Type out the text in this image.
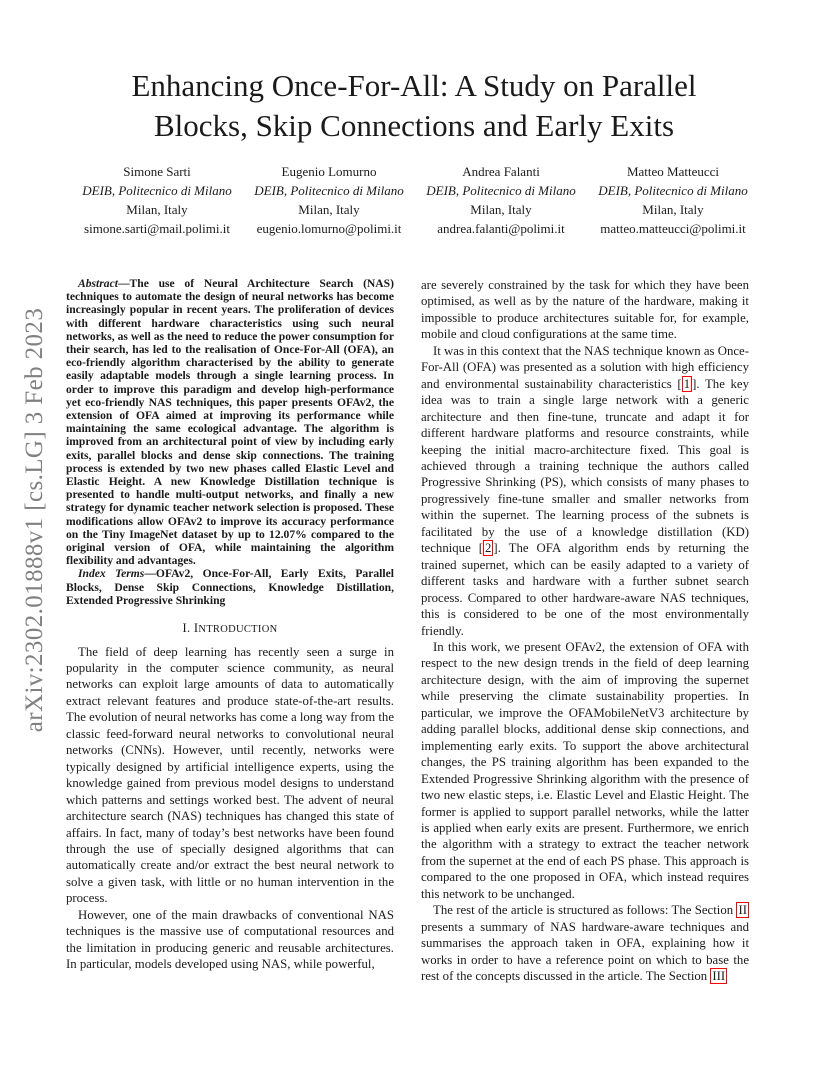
arXiv:2302.01888v1 [cs.LG] 3 Feb 2023
Enhancing Once-For-All: A Study on Parallel
Blocks, Skip Connections and Early Exits
Simone Sarti
DEIB, Politecnico di Milano
Milan, Italy
simone.sarti@mail.polimi.it
Eugenio Lomurno
DEIB, Politecnico di Milano
Milan, Italy
eugenio.lomurno@polimi.it
Andrea Falanti
DEIB, Politecnico di Milano
Milan, Italy
andrea.falanti@polimi.it
Matteo Matteucci
DEIB, Politecnico di Milano
Milan, Italy
matteo.matteucci@polimi.it

Abstract—The use of Neural Architecture Search (NAS) techniques to automate the design of neural networks has become increasingly popular in recent years. The proliferation of devices with different hardware characteristics using such neural networks, as well as the need to reduce the power consumption for their search, has led to the realisation of Once-For-All (OFA), an eco-friendly algorithm characterised by the ability to generate easily adaptable models through a single learning process. In order to improve this paradigm and develop high-performance yet eco-friendly NAS techniques, this paper presents OFAv2, the extension of OFA aimed at improving its performance while maintaining the same ecological advantage. The algorithm is improved from an architectural point of view by including early exits, parallel blocks and dense skip connections. The training process is extended by two new phases called Elastic Level and Elastic Height. A new Knowledge Distillation technique is presented to handle multi-output networks, and finally a new strategy for dynamic teacher network selection is proposed. These modifications allow OFAv2 to improve its accuracy performance on the Tiny ImageNet dataset by up to 12.07% compared to the original version of OFA, while maintaining the algorithm flexibility and advantages.

Index Terms—OFAv2, Once-For-All, Early Exits, Parallel Blocks, Dense Skip Connections, Knowledge Distillation, Extended Progressive Shrinking

I. INTRODUCTION

The field of deep learning has recently seen a surge in popularity in the computer science community, as neural networks can exploit large amounts of data to automatically extract relevant features and produce state-of-the-art results. The evolution of neural networks has come a long way from the classic feed-forward neural networks to convolutional neural networks (CNNs). However, until recently, networks were typically designed by artificial intelligence experts, using the knowledge gained from previous model designs to understand which patterns and settings worked best. The advent of neural architecture search (NAS) techniques has changed this state of affairs. In fact, many of today’s best networks have been found through the use of specially designed algorithms that can automatically create and/or extract the best neural network to solve a given task, with little or no human intervention in the process.

However, one of the main drawbacks of conventional NAS techniques is the massive use of computational resources and the limitation in producing generic and reusable architectures. In particular, models developed using NAS, while powerful,

are severely constrained by the task for which they have been optimised, as well as by the nature of the hardware, making it impossible to produce architectures suitable for, for example, mobile and cloud configurations at the same time.

It was in this context that the NAS technique known as Once-For-All (OFA) was presented as a solution with high efficiency and environmental sustainability characteristics [ 1 ]. The key idea was to train a single large network with a generic architecture and then fine-tune, truncate and adapt it for different hardware platforms and resource constraints, while keeping the initial macro-architecture fixed. This goal is achieved through a training technique the authors called Progressive Shrinking (PS), which consists of many phases to progressively fine-tune smaller and smaller networks from within the supernet. The learning process of the subnets is facilitated by the use of a knowledge distillation (KD) technique [ 2 ]. The OFA algorithm ends by returning the trained supernet, which can be easily adapted to a variety of different tasks and hardware with a further subnet search process. Compared to other hardware-aware NAS techniques, this is considered to be one of the most environmentally friendly.

In this work, we present OFAv2, the extension of OFA with respect to the new design trends in the field of deep learning architecture design, with the aim of improving the supernet while preserving the climate sustainability properties. In particular, we improve the OFAMobileNetV3 architecture by adding parallel blocks, additional dense skip connections, and implementing early exits. To support the above architectural changes, the PS training algorithm has been expanded to the Extended Progressive Shrinking algorithm with the presence of two new elastic steps, i.e. Elastic Level and Elastic Height. The former is applied to support parallel networks, while the latter is applied when early exits are present. Furthermore, we enrich the algorithm with a strategy to extract the teacher network from the supernet at the end of each PS phase. This approach is compared to the one proposed in OFA, which instead requires this network to be unchanged.

The rest of the article is structured as follows: The Section II presents a summary of NAS hardware-aware techniques and summarises the approach taken in OFA, explaining how it works in order to have a reference point on which to base the rest of the concepts discussed in the article. The Section III
